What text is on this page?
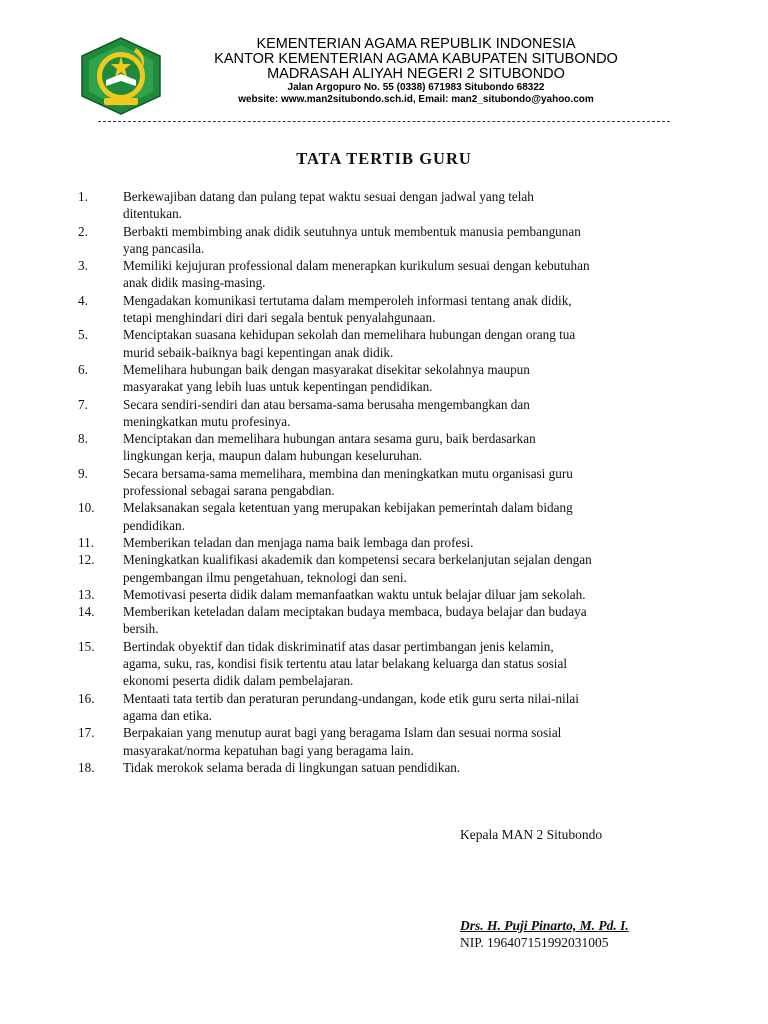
KEMENTERIAN AGAMA REPUBLIK INDONESIA
KANTOR KEMENTERIAN AGAMA KABUPATEN SITUBONDO
MADRASAH ALIYAH NEGERI 2 SITUBONDO
Jalan Argopuro No. 55 (0338) 671983 Situbondo 68322
website: www.man2situbondo.sch.id, Email: man2_situbondo@yahoo.com
TATA TERTIB GURU
1.	Berkewajiban datang dan pulang tepat waktu sesuai dengan jadwal yang telah
ditentukan.
2.	Berbakti membimbing anak didik seutuhnya untuk membentuk manusia pembangunan
yang pancasila.
3.	Memiliki kejujuran professional dalam menerapkan kurikulum sesuai dengan kebutuhan
anak didik masing-masing.
4.	Mengadakan komunikasi tertutama dalam memperoleh informasi tentang anak didik,
tetapi menghindari diri dari segala bentuk penyalahgunaan.
5.	Menciptakan suasana kehidupan sekolah dan memelihara hubungan dengan orang tua
murid sebaik-baiknya bagi kepentingan anak didik.
6.	Memelihara hubungan baik dengan masyarakat disekitar sekolahnya maupun
masyarakat yang lebih luas untuk kepentingan pendidikan.
7.	Secara sendiri-sendiri dan atau bersama-sama berusaha mengembangkan dan
meningkatkan mutu profesinya.
8.	Menciptakan dan memelihara hubungan antara sesama guru, baik berdasarkan
lingkungan kerja, maupun dalam hubungan keseluruhan.
9.	Secara bersama-sama memelihara, membina dan meningkatkan mutu organisasi guru
professional sebagai sarana pengabdian.
10.	Melaksanakan segala ketentuan yang merupakan kebijakan pemerintah dalam bidang
pendidikan.
11.	Memberikan teladan dan menjaga nama baik lembaga dan profesi.
12.	Meningkatkan kualifikasi akademik dan kompetensi secara berkelanjutan sejalan dengan
pengembangan ilmu pengetahuan, teknologi dan seni.
13.	Memotivasi peserta didik dalam memanfaatkan waktu untuk belajar diluar jam sekolah.
14.	Memberikan keteladan dalam meciptakan budaya membaca, budaya belajar dan budaya
bersih.
15.	Bertindak obyektif dan tidak diskriminatif atas dasar pertimbangan jenis kelamin,
agama, suku, ras, kondisi fisik tertentu atau latar belakang keluarga dan status sosial
ekonomi peserta didik dalam pembelajaran.
16.	Mentaati tata tertib dan peraturan perundang-undangan, kode etik guru serta nilai-nilai
agama dan etika.
17.	Berpakaian yang menutup aurat bagi yang beragama Islam dan sesuai norma sosial
masyarakat/norma kepatuhan bagi yang beragama lain.
18.	Tidak merokok selama berada di lingkungan satuan pendidikan.
Kepala MAN 2 Situbondo
Drs. H. Puji Pinarto, M. Pd. I.
NIP. 196407151992031005
